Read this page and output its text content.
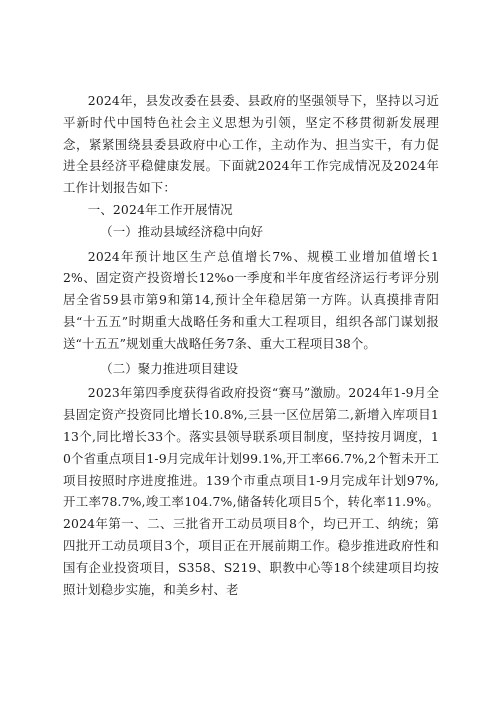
2024年，县发改委在县委、县政府的坚强领导下，坚持以习近平新时代中国特色社会主义思想为引领，坚定不移贯彻新发展理念，紧紧围绕县委县政府中心工作，主动作为、担当实干，有力促进全县经济平稳健康发展。下面就2024年工作完成情况及2024年工作计划报告如下：

一、2024年工作开展情况

（一）推动县域经济稳中向好

2024年预计地区生产总值增长7%、规模工业增加值增长12%、固定资产投资增长12%o一季度和半年度省经济运行考评分别居全省59县市第9和第14,预计全年稳居第一方阵。认真摸排青阳县“十五五”时期重大战略任务和重大工程项目，组织各部门谋划报送“十五五”规划重大战略任务7条、重大工程项目38个。

（二）聚力推进项目建设

2023年第四季度获得省政府投资“赛马”激励。2024年1-9月全县固定资产投资同比增长10.8%,三县一区位居第二,新增入库项目113个,同比增长33个。落实县领导联系项目制度，坚持按月调度，10个省重点项目1-9月完成年计划99.1%,开工率66.7%,2个暂未开工项目按照时序进度推进。139个市重点项目1-9月完成年计划97%,开工率78.7%,竣工率104.7%,储备转化项目5个，转化率11.9%。2024年第一、二、三批省开工动员项目8个，均已开工、纳统；第四批开工动员项目3个，项目正在开展前期工作。稳步推进政府性和国有企业投资项目，S358、S219、职教中心等18个续建项目均按照计划稳步实施，和美乡村、老
